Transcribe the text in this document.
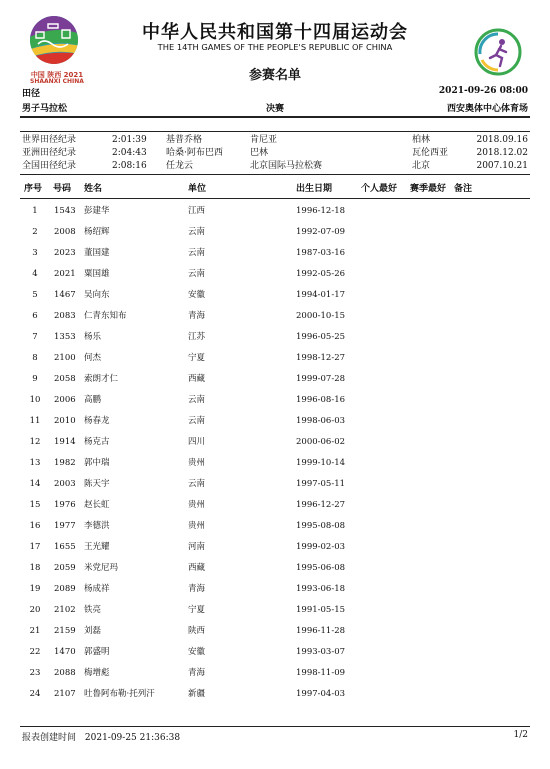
中国 陕西 2021
SHAANXI CHINA
中华人民共和国第十四届运动会
THE 14TH GAMES OF THE PEOPLE'S REPUBLIC OF CHINA
参赛名单
田径	2021-09-26 08:00
男子马拉松	决赛	西安奥体中心体育场
世界田径纪录	2:01:39 基普乔格	肯尼亚	柏林	2018.09.16
亚洲田径纪录	2:04:43 哈桑·阿布巴西	巴林	瓦伦西亚	2018.12.02
全国田径纪录	2:08:16 任龙云	北京国际马拉松赛	北京	2007.10.21
序号 号码 姓名	单位	出生日期	个人最好 赛季最好 备注
1	1543 彭建华	江西	1996-12-18
2	2008 杨绍辉	云南	1992-07-09
3	2023 董国建	云南	1987-03-16
4	2021 粟国雄	云南	1992-05-26
5	1467 吴向东	安徽	1994-01-17
6	2083 仁青东知布	青海	2000-10-15
7	1353 杨乐	江苏	1996-05-25
8	2100 何杰	宁夏	1998-12-27
9	2058 索朗才仁	西藏	1999-07-28
10	2006 高鹏	云南	1996-08-16
11	2010 杨春龙	云南	1998-06-03
12	1914 杨克古	四川	2000-06-02
13	1982 郭中瑞	贵州	1999-10-14
14	2003 陈天宇	云南	1997-05-11
15	1976 赵长虹	贵州	1996-12-27
16	1977 李德洪	贵州	1995-08-08
17	1655 王光耀	河南	1999-02-03
18	2059 米党尼玛	西藏	1995-06-08
19	2089 杨成祥	青海	1993-06-18
20	2102 铁亮	宁夏	1991-05-15
21	2159 刘磊	陕西	1996-11-28
22	1470 郭盛明	安徽	1993-03-07
23	2088 梅增彪	青海	1998-11-09
24	2107 吐鲁阿布勒·托列汗	新疆	1997-04-03
报表创建时间 2021-09-25 21:36:38	1/2
